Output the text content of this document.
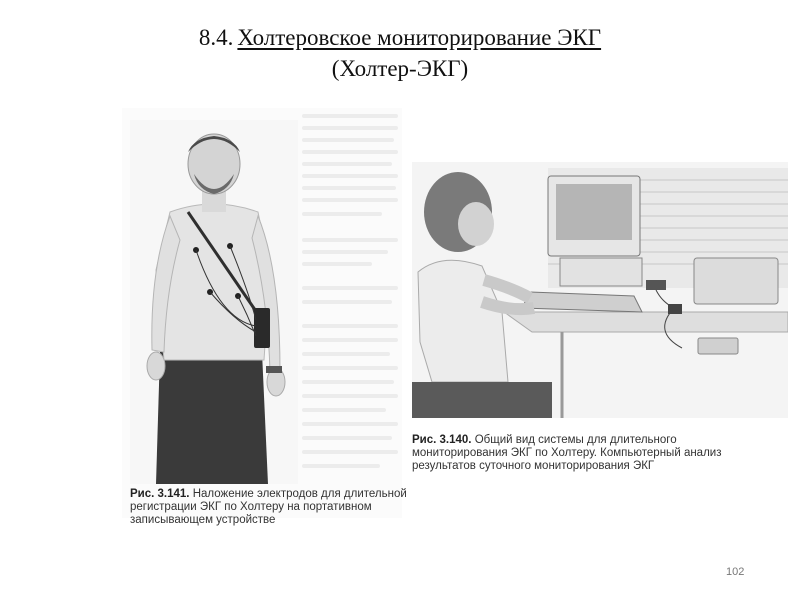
8.4. Холтеровское мониторирование ЭКГ
(Холтер-ЭКГ)
Рис. 3.141. Наложение электродов для длительной регистрации ЭКГ по Холтеру на портативном записывающем устройстве
Рис. 3.140. Общий вид системы для длительного мониторирования ЭКГ по Холтеру. Компьютерный анализ результатов суточного мониторирования ЭКГ
102
